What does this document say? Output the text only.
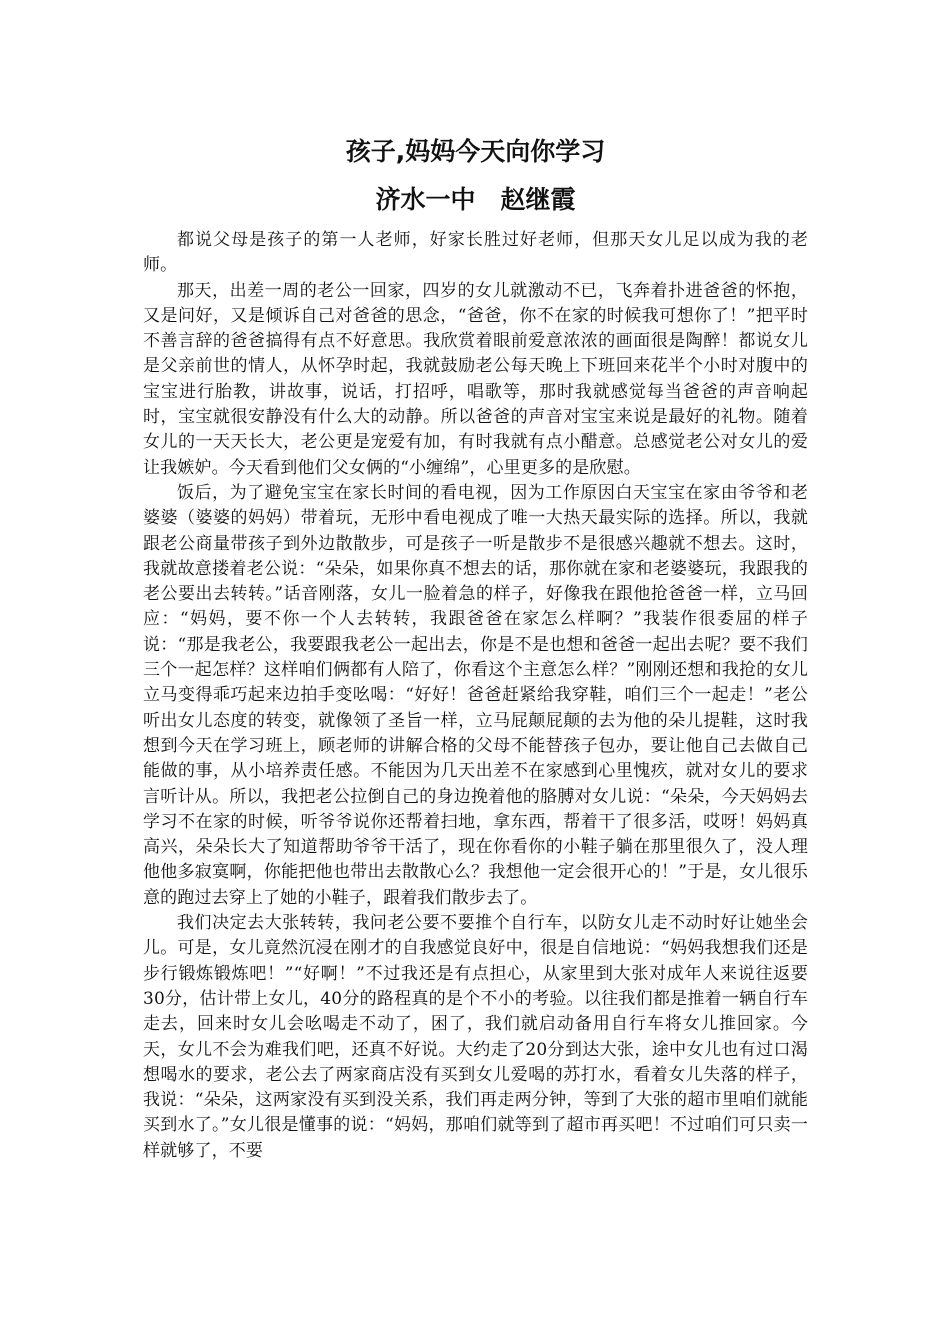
孩子,妈妈今天向你学习
济水一中　赵继霞

都说父母是孩子的第一人老师，好家长胜过好老师，但那天女儿足以成为我的老师。

那天，出差一周的老公一回家，四岁的女儿就激动不已，飞奔着扑进爸爸的怀抱，又是问好，又是倾诉自己对爸爸的思念，“爸爸，你不在家的时候我可想你了！”把平时不善言辞的爸爸搞得有点不好意思。我欣赏着眼前爱意浓浓的画面很是陶醉！都说女儿是父亲前世的情人，从怀孕时起，我就鼓励老公每天晚上下班回来花半个小时对腹中的宝宝进行胎教，讲故事，说话，打招呼，唱歌等，那时我就感觉每当爸爸的声音响起时，宝宝就很安静没有什么大的动静。所以爸爸的声音对宝宝来说是最好的礼物。随着女儿的一天天长大，老公更是宠爱有加，有时我就有点小醋意。总感觉老公对女儿的爱让我嫉妒。今天看到他们父女俩的“小缠绵”，心里更多的是欣慰。

饭后，为了避免宝宝在家长时间的看电视，因为工作原因白天宝宝在家由爷爷和老婆婆（婆婆的妈妈）带着玩，无形中看电视成了唯一大热天最实际的选择。所以，我就跟老公商量带孩子到外边散散步，可是孩子一听是散步不是很感兴趣就不想去。这时，我就故意搂着老公说：“朵朵，如果你真不想去的话，那你就在家和老婆婆玩，我跟我的老公要出去转转。”话音刚落，女儿一脸着急的样子，好像我在跟他抢爸爸一样，立马回应：“妈妈，要不你一个人去转转，我跟爸爸在家怎么样啊？”我装作很委屈的样子说：“那是我老公，我要跟我老公一起出去，你是不是也想和爸爸一起出去呢？要不我们三个一起怎样？这样咱们俩都有人陪了，你看这个主意怎么样？”刚刚还想和我抢的女儿立马变得乖巧起来边拍手变吆喝：“好好！爸爸赶紧给我穿鞋，咱们三个一起走！”老公听出女儿态度的转变，就像领了圣旨一样，立马屁颠屁颠的去为他的朵儿提鞋，这时我想到今天在学习班上，顾老师的讲解合格的父母不能替孩子包办，要让他自己去做自己能做的事，从小培养责任感。不能因为几天出差不在家感到心里愧疚，就对女儿的要求言听计从。所以，我把老公拉倒自己的身边挽着他的胳膊对女儿说：“朵朵，今天妈妈去学习不在家的时候，听爷爷说你还帮着扫地，拿东西，帮着干了很多活，哎呀！妈妈真高兴，朵朵长大了知道帮助爷爷干活了，现在你看你的小鞋子躺在那里很久了，没人理他他多寂寞啊，你能把他也带出去散散心么？我想他一定会很开心的！”于是，女儿很乐意的跑过去穿上了她的小鞋子，跟着我们散步去了。

我们决定去大张转转，我问老公要不要推个自行车，以防女儿走不动时好让她坐会儿。可是，女儿竟然沉浸在刚才的自我感觉良好中，很是自信地说：“妈妈我想我们还是步行锻炼锻炼吧！”“好啊！”不过我还是有点担心，从家里到大张对成年人来说往返要30分，估计带上女儿，40分的路程真的是个不小的考验。以往我们都是推着一辆自行车走去，回来时女儿会吆喝走不动了，困了，我们就启动备用自行车将女儿推回家。今天，女儿不会为难我们吧，还真不好说。大约走了20分到达大张，途中女儿也有过口渴想喝水的要求，老公去了两家商店没有买到女儿爱喝的苏打水，看着女儿失落的样子，我说：“朵朵，这两家没有买到没关系，我们再走两分钟，等到了大张的超市里咱们就能买到水了。”女儿很是懂事的说：“妈妈，那咱们就等到了超市再买吧！不过咱们可只卖一样就够了，不要
